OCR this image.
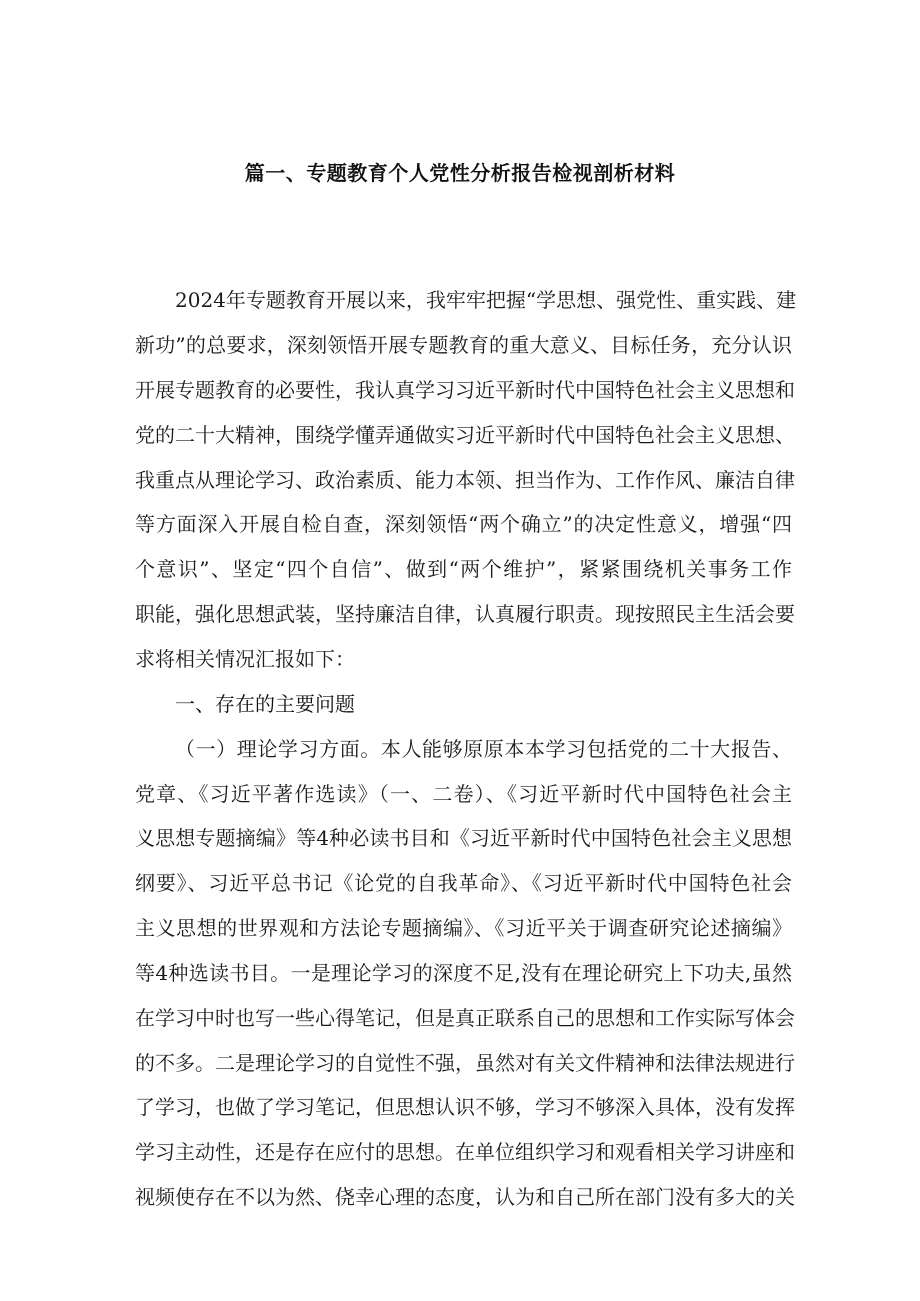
篇一、专题教育个人党性分析报告检视剖析材料
2024年专题教育开展以来，我牢牢把握“学思想、强党性、重实践、建
新功”的总要求，深刻领悟开展专题教育的重大意义、目标任务，充分认识
开展专题教育的必要性，我认真学习习近平新时代中国特色社会主义思想和
党的二十大精神，围绕学懂弄通做实习近平新时代中国特色社会主义思想、
我重点从理论学习、政治素质、能力本领、担当作为、工作作风、廉洁自律
等方面深入开展自检自查，深刻领悟“两个确立”的决定性意义，增强“四
个意识”、坚定“四个自信”、做到“两个维护”，紧紧围绕机关事务工作
职能，强化思想武装，坚持廉洁自律，认真履行职责。现按照民主生活会要
求将相关情况汇报如下：
一、存在的主要问题
（一）理论学习方面。本人能够原原本本学习包括党的二十大报告、
党章、《习近平著作选读》（一、二卷）、《习近平新时代中国特色社会主
义思想专题摘编》等4种必读书目和《习近平新时代中国特色社会主义思想
纲要》、习近平总书记《论党的自我革命》、《习近平新时代中国特色社会
主义思想的世界观和方法论专题摘编》、《习近平关于调查研究论述摘编》
等4种选读书目。一是理论学习的深度不足,没有在理论研究上下功夫,虽然
在学习中时也写一些心得笔记，但是真正联系自己的思想和工作实际写体会
的不多。二是理论学习的自觉性不强，虽然对有关文件精神和法律法规进行
了学习，也做了学习笔记，但思想认识不够，学习不够深入具体，没有发挥
学习主动性，还是存在应付的思想。在单位组织学习和观看相关学习讲座和
视频使存在不以为然、侥幸心理的态度，认为和自己所在部门没有多大的关
